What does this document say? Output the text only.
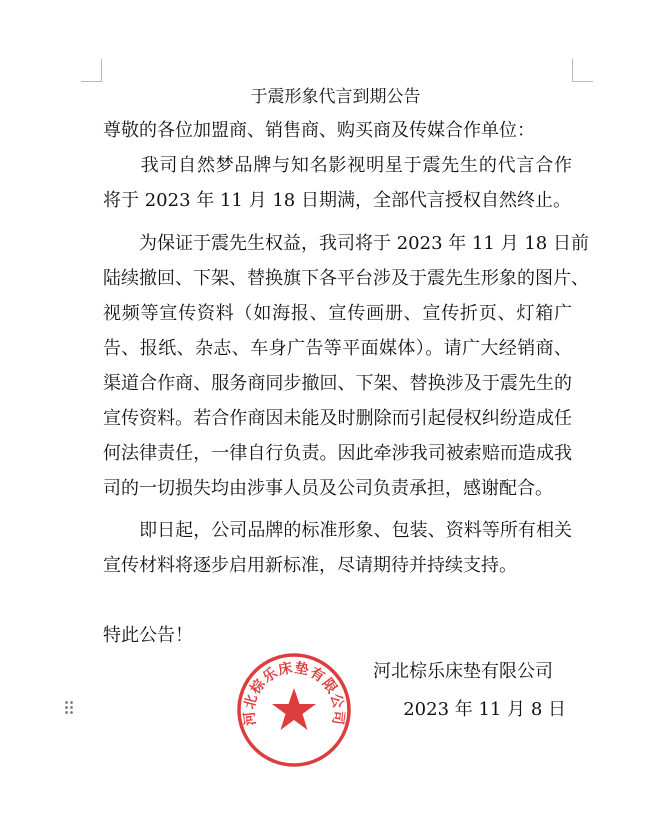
于震形象代言到期公告
尊敬的各位加盟商、销售商、购买商及传媒合作单位：
　　我司自然梦品牌与知名影视明星于震先生的代言合作
将于 2023 年 11 月 18 日期满，全部代言授权自然终止。
　　为保证于震先生权益，我司将于 2023 年 11 月 18 日前
陆续撤回、下架、替换旗下各平台涉及于震先生形象的图片、
视频等宣传资料（如海报、宣传画册、宣传折页、灯箱广
告、报纸、杂志、车身广告等平面媒体）。请广大经销商、
渠道合作商、服务商同步撤回、下架、替换涉及于震先生的
宣传资料。若合作商因未能及时删除而引起侵权纠纷造成任
何法律责任，一律自行负责。因此牵涉我司被索赔而造成我
司的一切损失均由涉事人员及公司负责承担，感谢配合。
　　即日起，公司品牌的标准形象、包装、资料等所有相关
宣传材料将逐步启用新标准，尽请期待并持续支持。
特此公告！
河北棕乐床垫有限公司
2023 年 11 月 8 日
河北棕乐床垫有限公司
